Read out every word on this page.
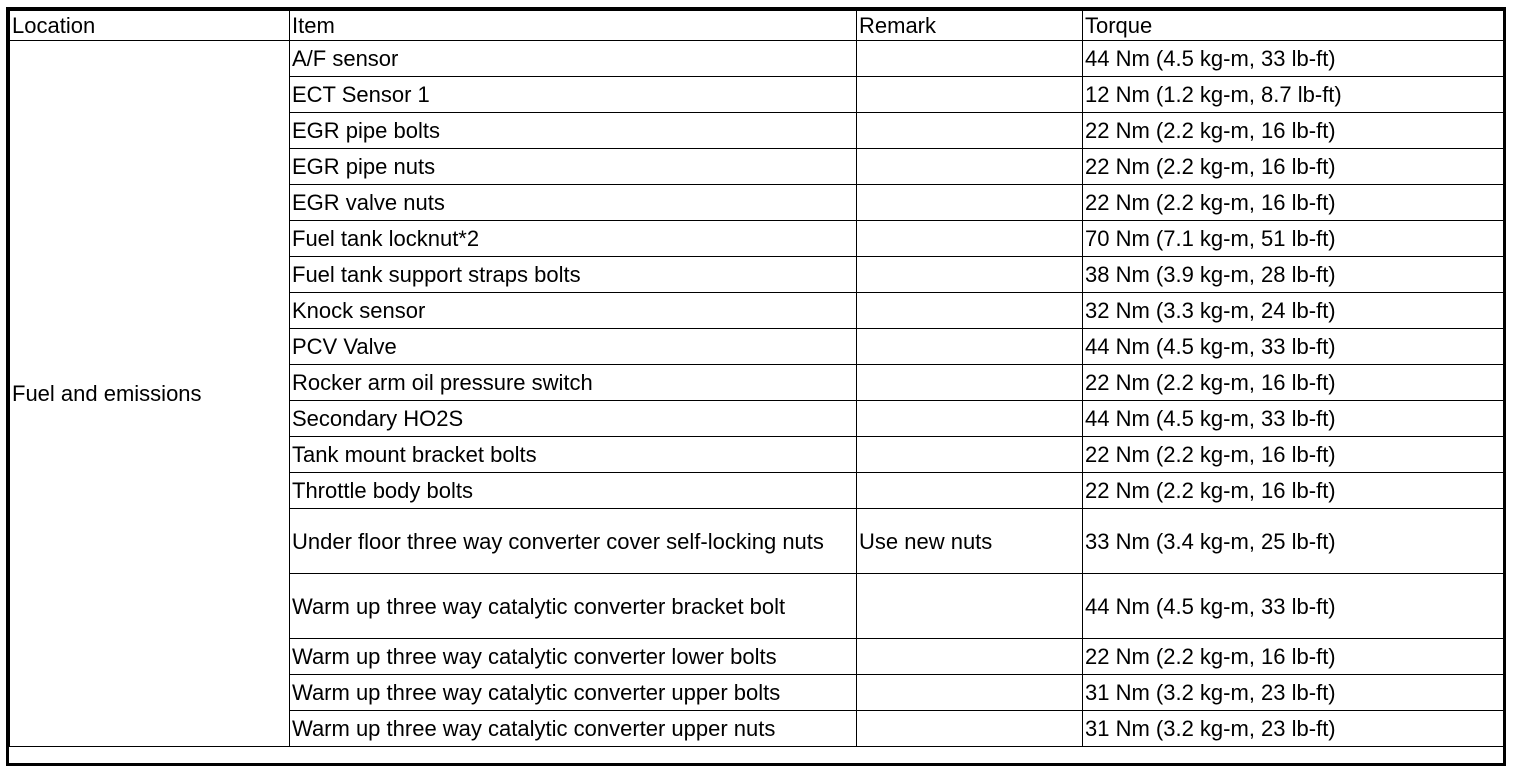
Location	Item	Remark	Torque
Fuel and emissions	A/F sensor		44 Nm (4.5 kg-m, 33 lb-ft)
	ECT Sensor 1		12 Nm (1.2 kg-m, 8.7 lb-ft)
	EGR pipe bolts		22 Nm (2.2 kg-m, 16 lb-ft)
	EGR pipe nuts		22 Nm (2.2 kg-m, 16 lb-ft)
	EGR valve nuts		22 Nm (2.2 kg-m, 16 lb-ft)
	Fuel tank locknut*2		70 Nm (7.1 kg-m, 51 lb-ft)
	Fuel tank support straps bolts		38 Nm (3.9 kg-m, 28 lb-ft)
	Knock sensor		32 Nm (3.3 kg-m, 24 lb-ft)
	PCV Valve		44 Nm (4.5 kg-m, 33 lb-ft)
	Rocker arm oil pressure switch		22 Nm (2.2 kg-m, 16 lb-ft)
	Secondary HO2S		44 Nm (4.5 kg-m, 33 lb-ft)
	Tank mount bracket bolts		22 Nm (2.2 kg-m, 16 lb-ft)
	Throttle body bolts		22 Nm (2.2 kg-m, 16 lb-ft)
	Under floor three way converter cover self-locking nuts	Use new nuts	33 Nm (3.4 kg-m, 25 lb-ft)
	Warm up three way catalytic converter bracket bolt		44 Nm (4.5 kg-m, 33 lb-ft)
	Warm up three way catalytic converter lower bolts		22 Nm (2.2 kg-m, 16 lb-ft)
	Warm up three way catalytic converter upper bolts		31 Nm (3.2 kg-m, 23 lb-ft)
	Warm up three way catalytic converter upper nuts		31 Nm (3.2 kg-m, 23 lb-ft)
